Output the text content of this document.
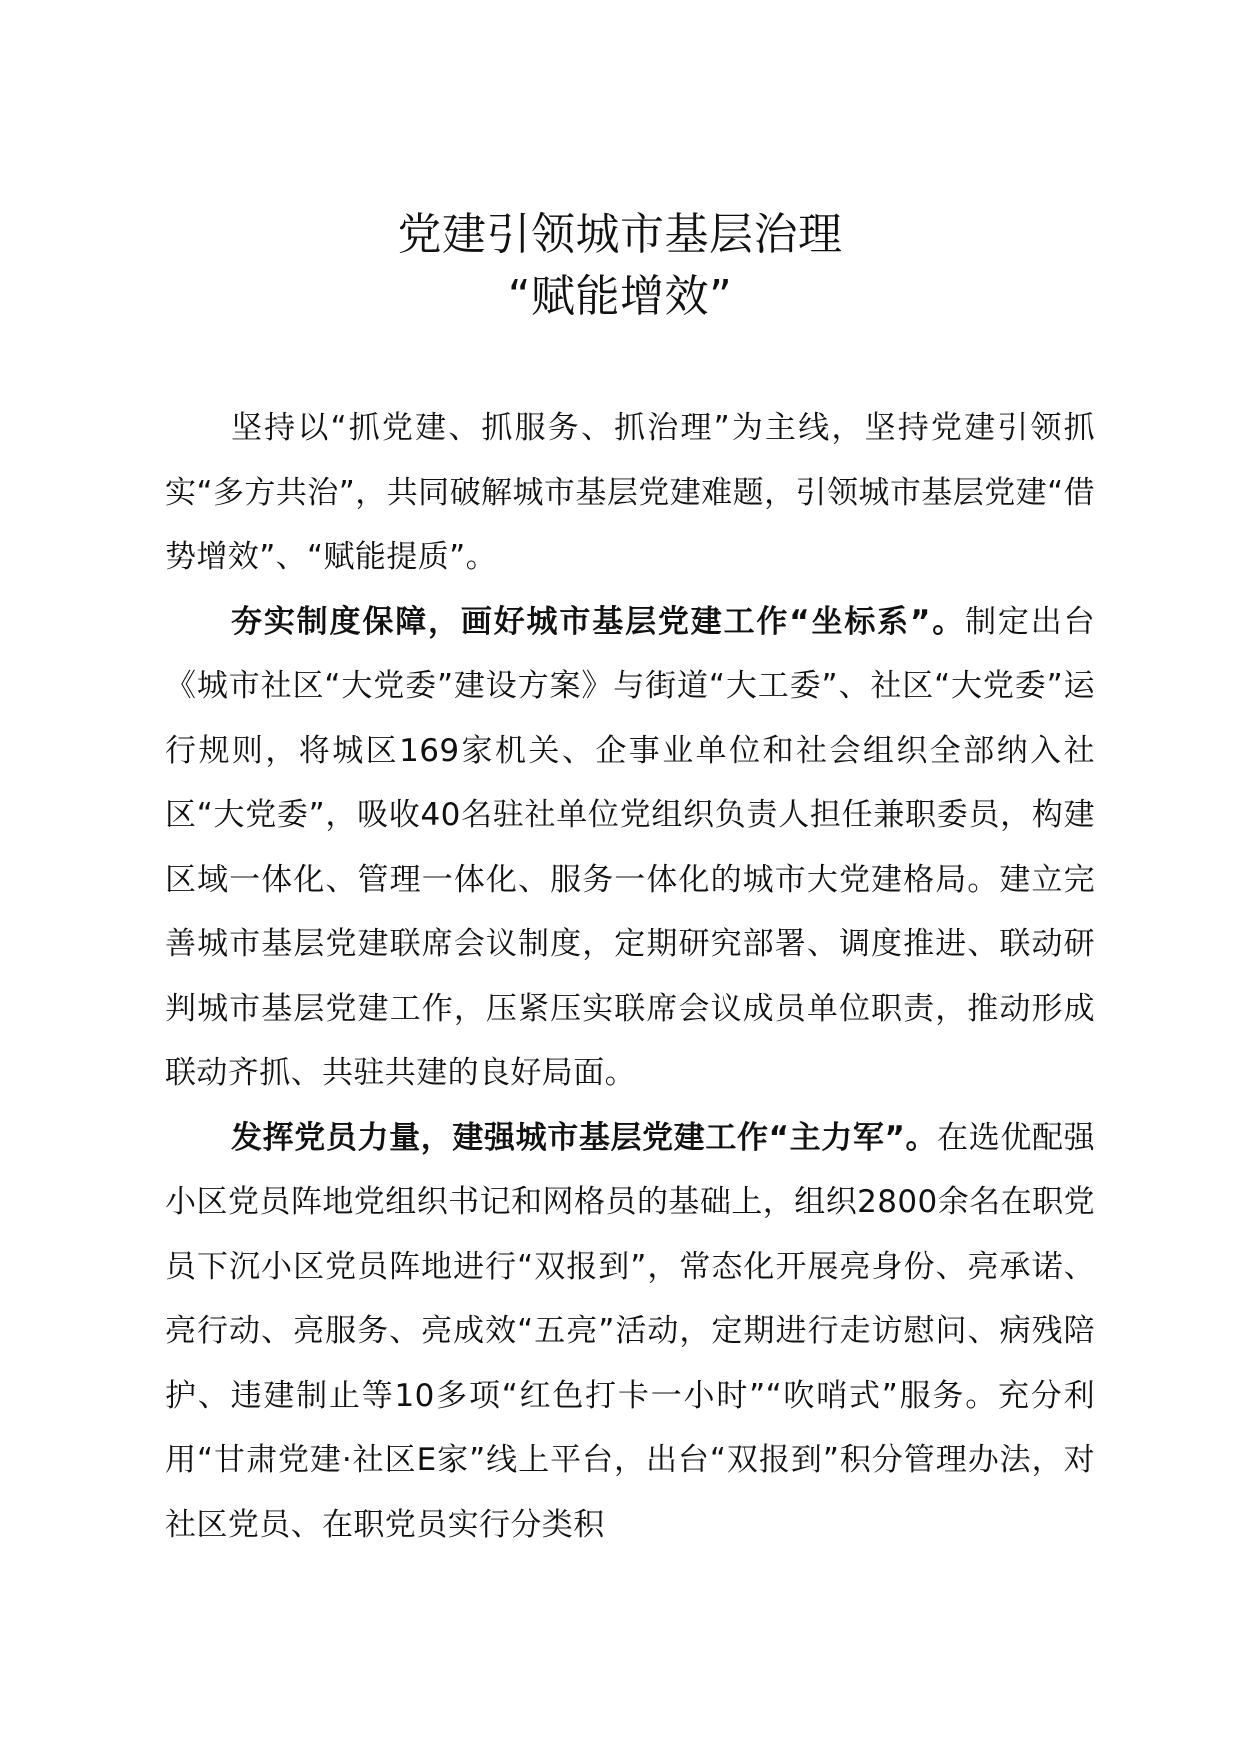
党建引领城市基层治理
“赋能增效”

坚持以“抓党建、抓服务、抓治理”为主线，坚持党建引领抓实“多方共治”，共同破解城市基层党建难题，引领城市基层党建“借势增效”、“赋能提质”。

夯实制度保障，画好城市基层党建工作“坐标系”。制定出台《城市社区“大党委”建设方案》与街道“大工委”、社区“大党委”运行规则，将城区169家机关、企事业单位和社会组织全部纳入社区“大党委”，吸收40名驻社单位党组织负责人担任兼职委员，构建区域一体化、管理一体化、服务一体化的城市大党建格局。建立完善城市基层党建联席会议制度，定期研究部署、调度推进、联动研判城市基层党建工作，压紧压实联席会议成员单位职责，推动形成联动齐抓、共驻共建的良好局面。

发挥党员力量，建强城市基层党建工作“主力军”。在选优配强小区党员阵地党组织书记和网格员的基础上，组织2800余名在职党员下沉小区党员阵地进行“双报到”，常态化开展亮身份、亮承诺、亮行动、亮服务、亮成效“五亮”活动，定期进行走访慰问、病残陪护、违建制止等10多项“红色打卡一小时”“吹哨式”服务。充分利用“甘肃党建·社区E家”线上平台，出台“双报到”积分管理办法，对社区党员、在职党员实行分类积
